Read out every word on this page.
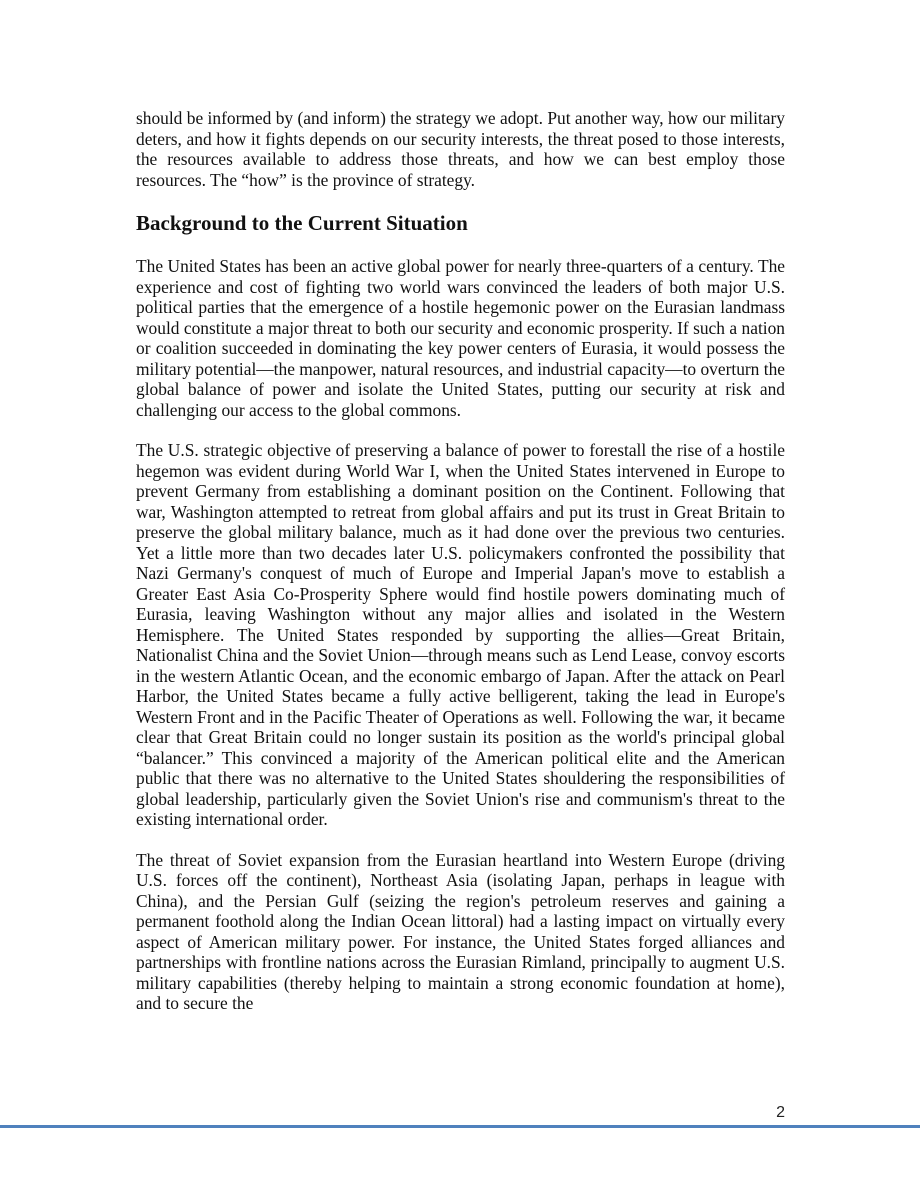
should be informed by (and inform) the strategy we adopt. Put another way, how our military deters, and how it fights depends on our security interests, the threat posed to those interests, the resources available to address those threats, and how we can best employ those resources. The “how” is the province of strategy.

Background to the Current Situation

The United States has been an active global power for nearly three-quarters of a century. The experience and cost of fighting two world wars convinced the leaders of both major U.S. political parties that the emergence of a hostile hegemonic power on the Eurasian landmass would constitute a major threat to both our security and economic prosperity. If such a nation or coalition succeeded in dominating the key power centers of Eurasia, it would possess the military potential—the manpower, natural resources, and industrial capacity—to overturn the global balance of power and isolate the United States, putting our security at risk and challenging our access to the global commons.

The U.S. strategic objective of preserving a balance of power to forestall the rise of a hostile hegemon was evident during World War I, when the United States intervened in Europe to prevent Germany from establishing a dominant position on the Continent. Following that war, Washington attempted to retreat from global affairs and put its trust in Great Britain to preserve the global military balance, much as it had done over the previous two centuries. Yet a little more than two decades later U.S. policymakers confronted the possibility that Nazi Germany's conquest of much of Europe and Imperial Japan's move to establish a Greater East Asia Co-Prosperity Sphere would find hostile powers dominating much of Eurasia, leaving Washington without any major allies and isolated in the Western Hemisphere. The United States responded by supporting the allies—Great Britain, Nationalist China and the Soviet Union—through means such as Lend Lease, convoy escorts in the western Atlantic Ocean, and the economic embargo of Japan. After the attack on Pearl Harbor, the United States became a fully active belligerent, taking the lead in Europe's Western Front and in the Pacific Theater of Operations as well. Following the war, it became clear that Great Britain could no longer sustain its position as the world's principal global “balancer.” This convinced a majority of the American political elite and the American public that there was no alternative to the United States shouldering the responsibilities of global leadership, particularly given the Soviet Union's rise and communism's threat to the existing international order.

The threat of Soviet expansion from the Eurasian heartland into Western Europe (driving U.S. forces off the continent), Northeast Asia (isolating Japan, perhaps in league with China), and the Persian Gulf (seizing the region's petroleum reserves and gaining a permanent foothold along the Indian Ocean littoral) had a lasting impact on virtually every aspect of American military power. For instance, the United States forged alliances and partnerships with frontline nations across the Eurasian Rimland, principally to augment U.S. military capabilities (thereby helping to maintain a strong economic foundation at home), and to secure the

2
